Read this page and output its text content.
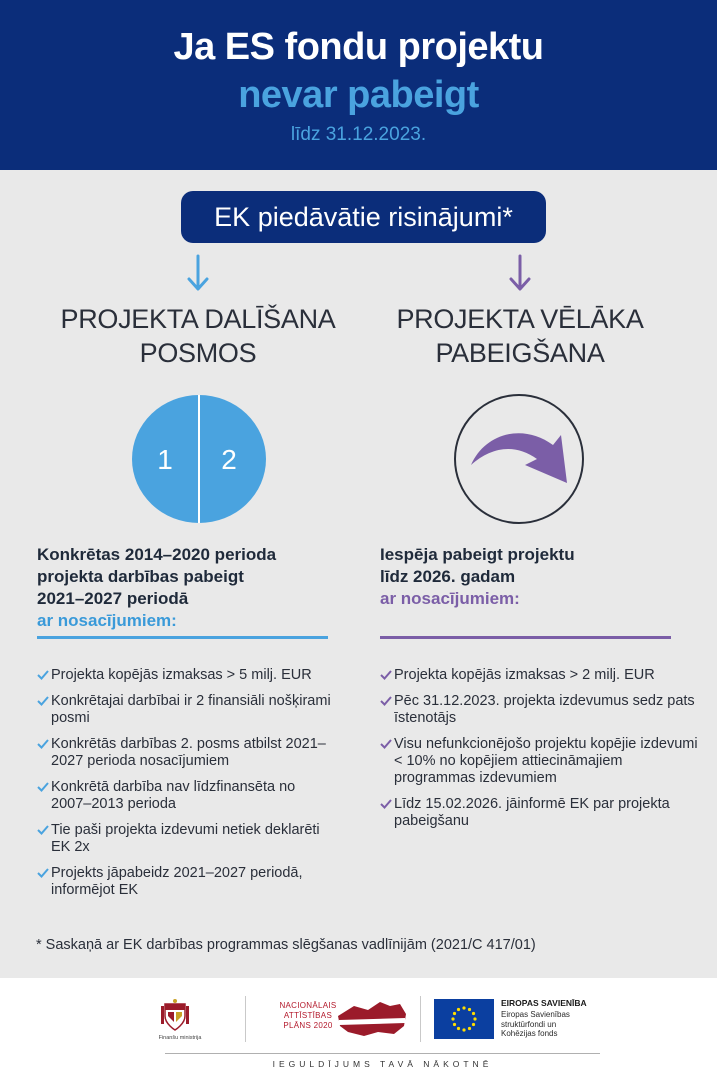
Ja ES fondu projektu
nevar pabeigt
līdz 31.12.2023.
EK piedāvātie risinājumi*
PROJEKTA DALĪŠANA
POSMOS
PROJEKTA VĒLĀKA
PABEIGŠANA
1 2
Konkrētas 2014–2020 perioda
projekta darbības pabeigt
2021–2027 periodā
ar nosacījumiem:
Iespēja pabeigt projektu
līdz 2026. gadam
ar nosacījumiem:
Projekta kopējās izmaksas > 5 milj. EUR
Konkrētajai darbībai ir 2 finansiāli nošķirami posmi
Konkrētās darbības 2. posms atbilst 2021–2027 perioda nosacījumiem
Konkrētā darbība nav līdzfinansēta no 2007–2013 perioda
Tie paši projekta izdevumi netiek deklarēti EK 2x
Projekts jāpabeidz 2021–2027 periodā, informējot EK
Projekta kopējās izmaksas > 2 milj. EUR
Pēc 31.12.2023. projekta izdevumus sedz pats īstenotājs
Visu nefunkcionējošo projektu kopējie izdevumi < 10% no kopējiem attiecināmajiem programmas izdevumiem
Līdz 15.02.2026. jāinformē EK par projekta pabeigšanu
* Saskaņā ar EK darbības programmas slēgšanas vadlīnijām (2021/C 417/01)
Finanšu ministrija
NACIONĀLAIS
ATTĪSTĪBAS
PLĀNS 2020
EIROPAS SAVIENĪBA
Eiropas Savienības
struktūrfondi un
Kohēzijas fonds
IEGULDĪJUMS TAVĀ NĀKOTNĒ
